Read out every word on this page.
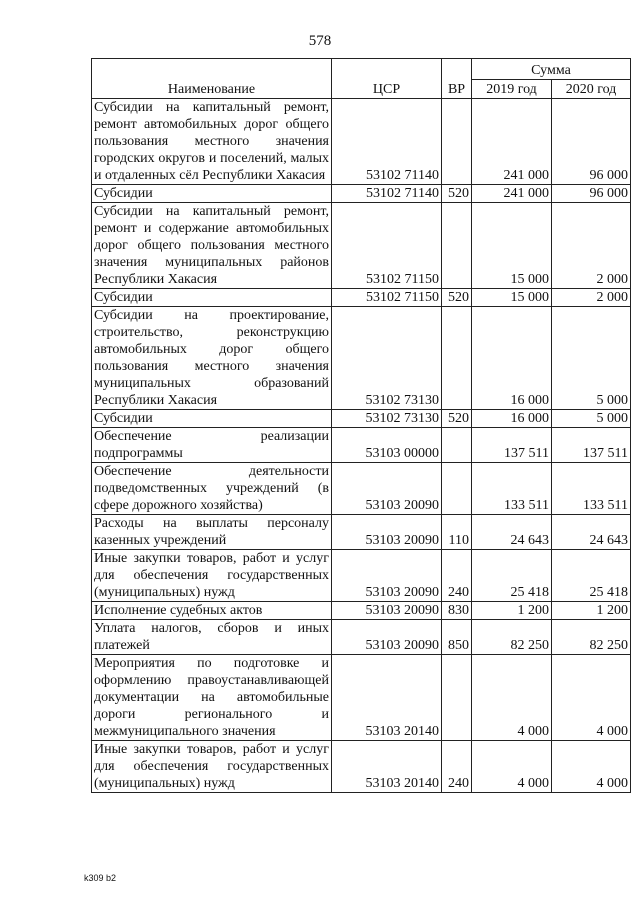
578
Наименование	ЦСР	ВР	Сумма	
			2019 год	2020 год
Субсидии на капитальный ремонт, ремонт автомобильных дорог общего пользования местного значения городских округов и поселений, малых и отдаленных сёл Республики Хакасия	53102 71140		241 000	96 000
Субсидии	53102 71140	520	241 000	96 000
Субсидии на капитальный ремонт, ремонт и содержание автомобильных дорог общего пользования местного значения муниципальных районов Республики Хакасия	53102 71150		15 000	2 000
Субсидии	53102 71150	520	15 000	2 000
Субсидии на проектирование, строительство, реконструкцию автомобильных дорог общего пользования местного значения муниципальных образований Республики Хакасия	53102 73130		16 000	5 000
Субсидии	53102 73130	520	16 000	5 000
Обеспечение реализации подпрограммы	53103 00000		137 511	137 511
Обеспечение деятельности подведомственных учреждений (в сфере дорожного хозяйства)	53103 20090		133 511	133 511
Расходы на выплаты персоналу казенных учреждений	53103 20090	110	24 643	24 643
Иные закупки товаров, работ и услуг для обеспечения государственных (муниципальных) нужд	53103 20090	240	25 418	25 418
Исполнение судебных актов	53103 20090	830	1 200	1 200
Уплата налогов, сборов и иных платежей	53103 20090	850	82 250	82 250
Мероприятия по подготовке и оформлению правоустанавливающей документации на автомобильные дороги регионального и межмуниципального значения	53103 20140		4 000	4 000
Иные закупки товаров, работ и услуг для обеспечения государственных (муниципальных) нужд	53103 20140	240	4 000	4 000
k309 b2
